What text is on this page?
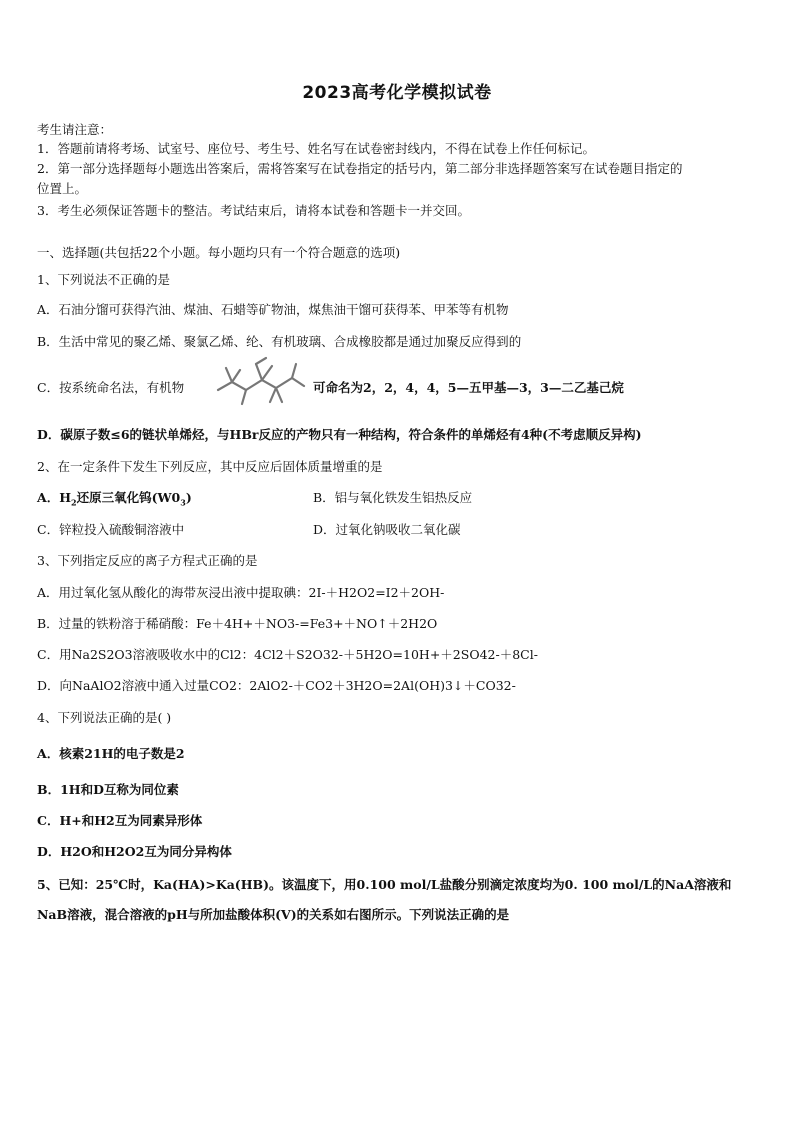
2023高考化学模拟试卷
考生请注意：
1．答题前请将考场、试室号、座位号、考生号、姓名写在试卷密封线内，不得在试卷上作任何标记。
2．第一部分选择题每小题选出答案后，需将答案写在试卷指定的括号内，第二部分非选择题答案写在试卷题目指定的
位置上。
3．考生必须保证答题卡的整洁。考试结束后，请将本试卷和答题卡一并交回。
一、选择题(共包括22个小题。每小题均只有一个符合题意的选项)
1、下列说法不正确的是
A．石油分馏可获得汽油、煤油、石蜡等矿物油，煤焦油干馏可获得苯、甲苯等有机物
B．生活中常见的聚乙烯、聚氯乙烯、纶、有机玻璃、合成橡胶都是通过加聚反应得到的
C．按系统命名法，有机物	可命名为2，2，4，4，5—五甲基—3，3—二乙基己烷
D．碳原子数≤6的链状单烯烃，与HBr反应的产物只有一种结构，符合条件的单烯烃有4种(不考虑顺反异构)
2、在一定条件下发生下列反应，其中反应后固体质量增重的是
A．$H_2$还原三氧化钨$(W0_3)$	B．铝与氧化铁发生铝热反应
C．锌粒投入硫酸铜溶液中	D．过氧化钠吸收二氧化碳
3、下列指定反应的离子方程式正确的是
A．用过氧化氢从酸化的海带灰浸出液中提取碘：2I-＋H2O2=I2＋2OH-
B．过量的铁粉溶于稀硝酸：Fe＋4H+＋NO3-=Fe3+＋NO↑＋2H2O
C．用Na2S2O3溶液吸收水中的Cl2：4Cl2＋S2O32-＋5H2O=10H+＋2SO42-＋8Cl-
D．向NaAlO2溶液中通入过量CO2：2AlO2-＋CO2＋3H2O=2Al(OH)3↓＋CO32-
4、下列说法正确的是( )
A．核素21H的电子数是2
B．1H和D互称为同位素
C．H+和H2互为同素异形体
D．H2O和H2O2互为同分异构体
5、已知：25℃时，Ka(HA)>Ka(HB)。该温度下，用0.100 mol/L盐酸分别滴定浓度均为0. 100 mol/L的NaA溶液和
NaB溶液，混合溶液的pH与所加盐酸体积(V)的关系如右图所示。下列说法正确的是
